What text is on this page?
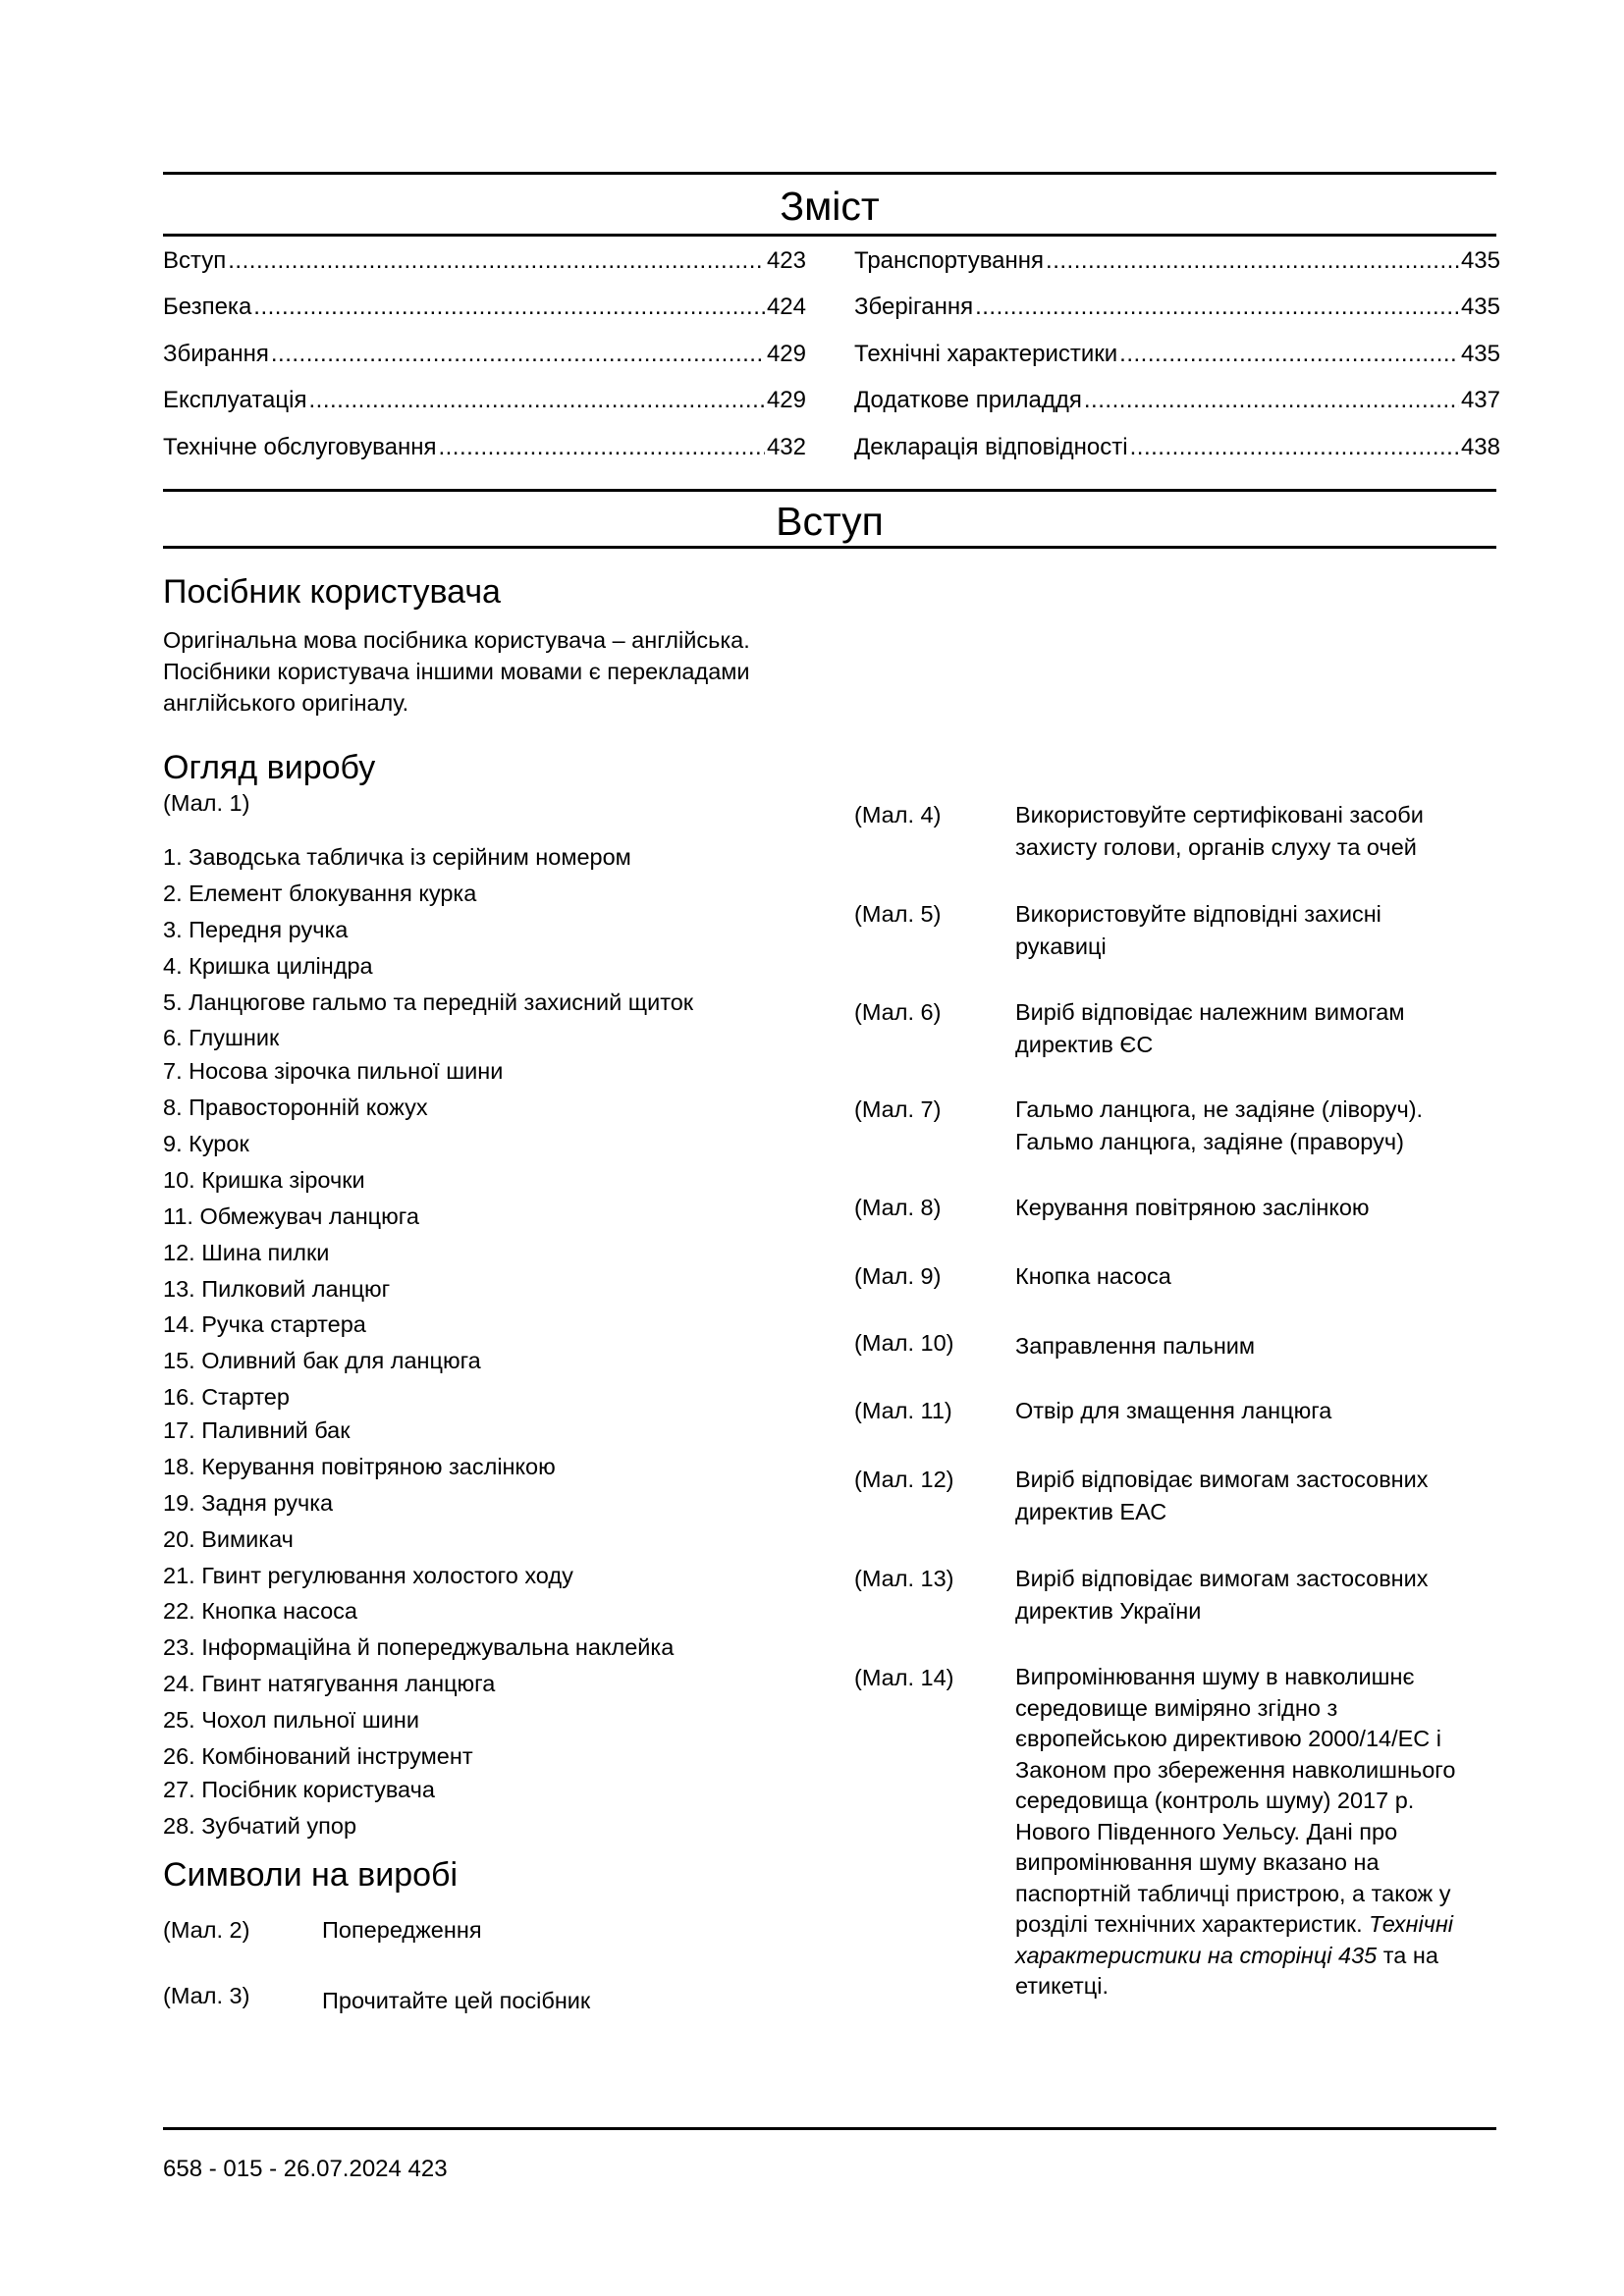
Зміст
Вступ .....	423
Безпека .....	424
Збирання .....	429
Експлуатація .....	429
Технічне обслуговування .....	432
Транспортування .....	435
Зберігання .....	435
Технічні характеристики .....	435
Додаткове приладдя .....	437
Декларація відповідності .....	438
Вступ
Посібник користувача
Оригінальна мова посібника користувача – англійська. Посібники користувача іншими мовами є перекладами англійського оригіналу.
Огляд виробу
(Мал. 1)
1. Заводська табличка із серійним номером
2. Елемент блокування курка
3. Передня ручка
4. Кришка циліндра
5. Ланцюгове гальмо та передній захисний щиток
6. Глушник
7. Носова зірочка пильної шини
8. Правосторонній кожух
9. Курок
10. Кришка зірочки
11. Обмежувач ланцюга
12. Шина пилки
13. Пилковий ланцюг
14. Ручка стартера
15. Оливний бак для ланцюга
16. Стартер
17. Паливний бак
18. Керування повітряною заслінкою
19. Задня ручка
20. Вимикач
21. Гвинт регулювання холостого ходу
22. Кнопка насоса
23. Інформаційна й попереджувальна наклейка
24. Гвинт натягування ланцюга
25. Чохол пильної шини
26. Комбінований інструмент
27. Посібник користувача
28. Зубчатий упор
Символи на виробі
(Мал. 2)	Попередження
(Мал. 3)	Прочитайте цей посібник
(Мал. 4)	Використовуйте сертифіковані засоби захисту голови, органів слуху та очей
(Мал. 5)	Використовуйте відповідні захисні рукавиці
(Мал. 6)	Виріб відповідає належним вимогам директив ЄС
(Мал. 7)	Гальмо ланцюга, не задіяне (ліворуч). Гальмо ланцюга, задіяне (праворуч)
(Мал. 8)	Керування повітряною заслінкою
(Мал. 9)	Кнопка насоса
(Мал. 10)	Заправлення пальним
(Мал. 11)	Отвір для змащення ланцюга
(Мал. 12)	Виріб відповідає вимогам застосовних директив ЕАС
(Мал. 13)	Виріб відповідає вимогам застосовних директив України
(Мал. 14)	Випромінювання шуму в навколишнє середовище виміряно згідно з європейською директивою 2000/14/EC і Законом про збереження навколишнього середовища (контроль шуму) 2017 р. Нового Південного Уельсу. Дані про випромінювання шуму вказано на паспортній табличці пристрою, а також у розділі технічних характеристик. Технічні характеристики на сторінці 435 та на етикетці.
658 - 015 - 26.07.2024 423
